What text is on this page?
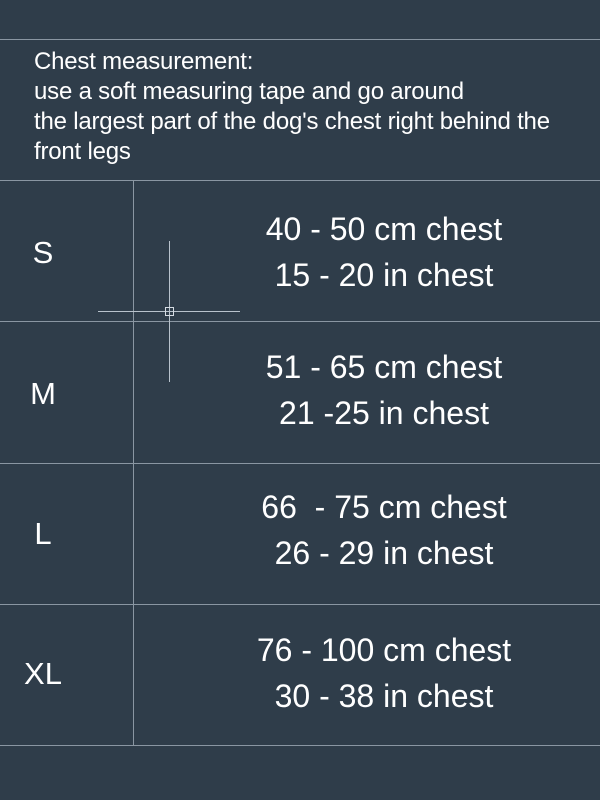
Chest measurement:
use a soft measuring tape and go around
the largest part of the dog's chest right behind the
front legs
S
40 - 50 cm chest
15 - 20 in chest
M
51 - 65 cm chest
21 -25 in chest
L
66  - 75 cm chest
26 - 29 in chest
XL
76 - 100 cm chest
30 - 38 in chest
